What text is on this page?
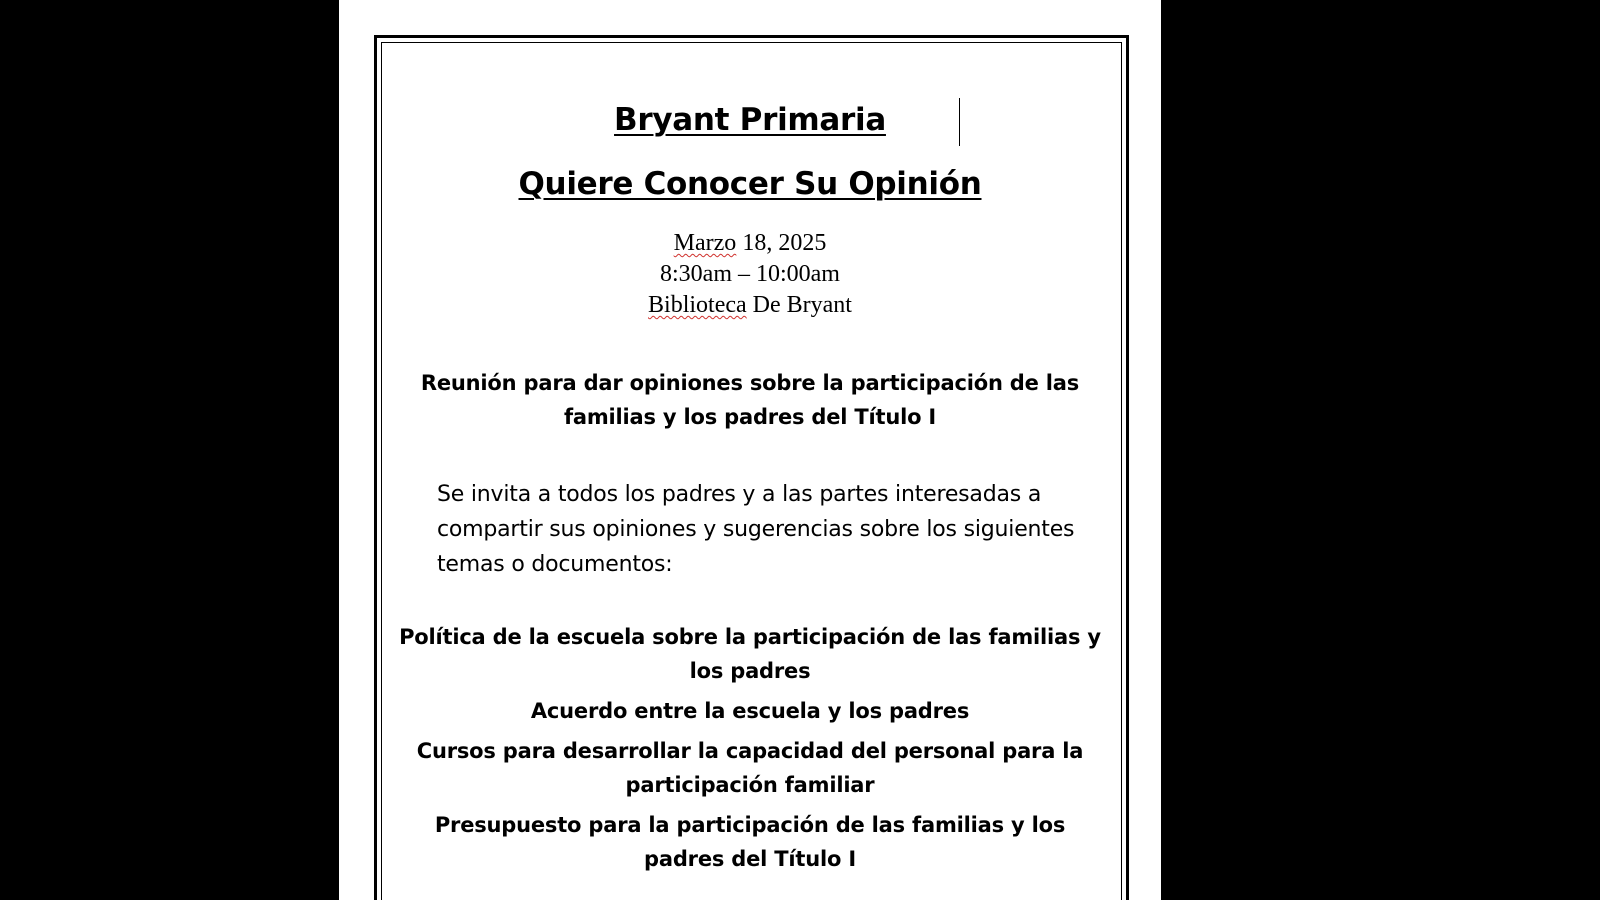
Bryant Primaria
Quiere Conocer Su Opinión
Marzo 18, 2025
8:30am – 10:00am
Biblioteca De Bryant

Reunión para dar opiniones sobre la participación de las familias y los padres del Título I

Se invita a todos los padres y a las partes interesadas a compartir sus opiniones y sugerencias sobre los siguientes temas o documentos:

Política de la escuela sobre la participación de las familias y los padres
Acuerdo entre la escuela y los padres
Cursos para desarrollar la capacidad del personal para la participación familiar
Presupuesto para la participación de las familias y los padres del Título I
